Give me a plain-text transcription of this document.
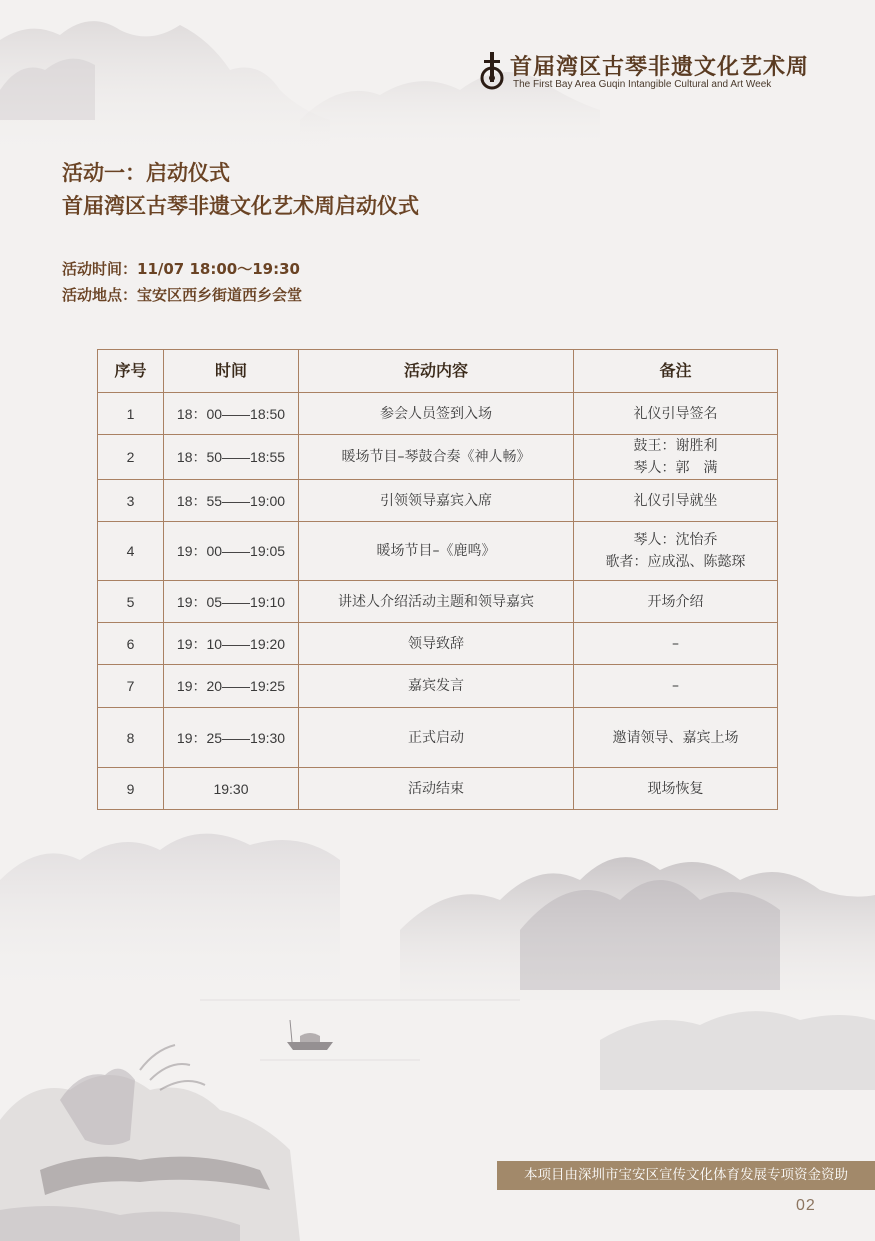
首届湾区古琴非遗文化艺术周
The First Bay Area Guqin Intangible Cultural and Art Week
活动一：启动仪式
首届湾区古琴非遗文化艺术周启动仪式
活动时间：11/07 18:00～19:30
活动地点：宝安区西乡街道西乡会堂
序号	时间	活动内容	备注
1	18：00——18:50	参会人员签到入场	礼仪引导签名
2	18：50——18:55	暖场节目–琴鼓合奏《神人畅》	鼓王：谢胜利
琴人：郭　满

3	18：55——19:00	引领领导嘉宾入席	礼仪引导就坐
4	19：00——19:05	暖场节目–《鹿鸣》	琴人：沈怡乔
歌者：应成泓、陈懿琛

5	19：05——19:10	讲述人介绍活动主题和领导嘉宾	开场介绍
6	19：10——19:20	领导致辞	–
7	19：20——19:25	嘉宾发言	–
8	19：25——19:30	正式启动	邀请领导、嘉宾上场
9	19:30	活动结束	现场恢复
本项目由深圳市宝安区宣传文化体育发展专项资金资助
02
